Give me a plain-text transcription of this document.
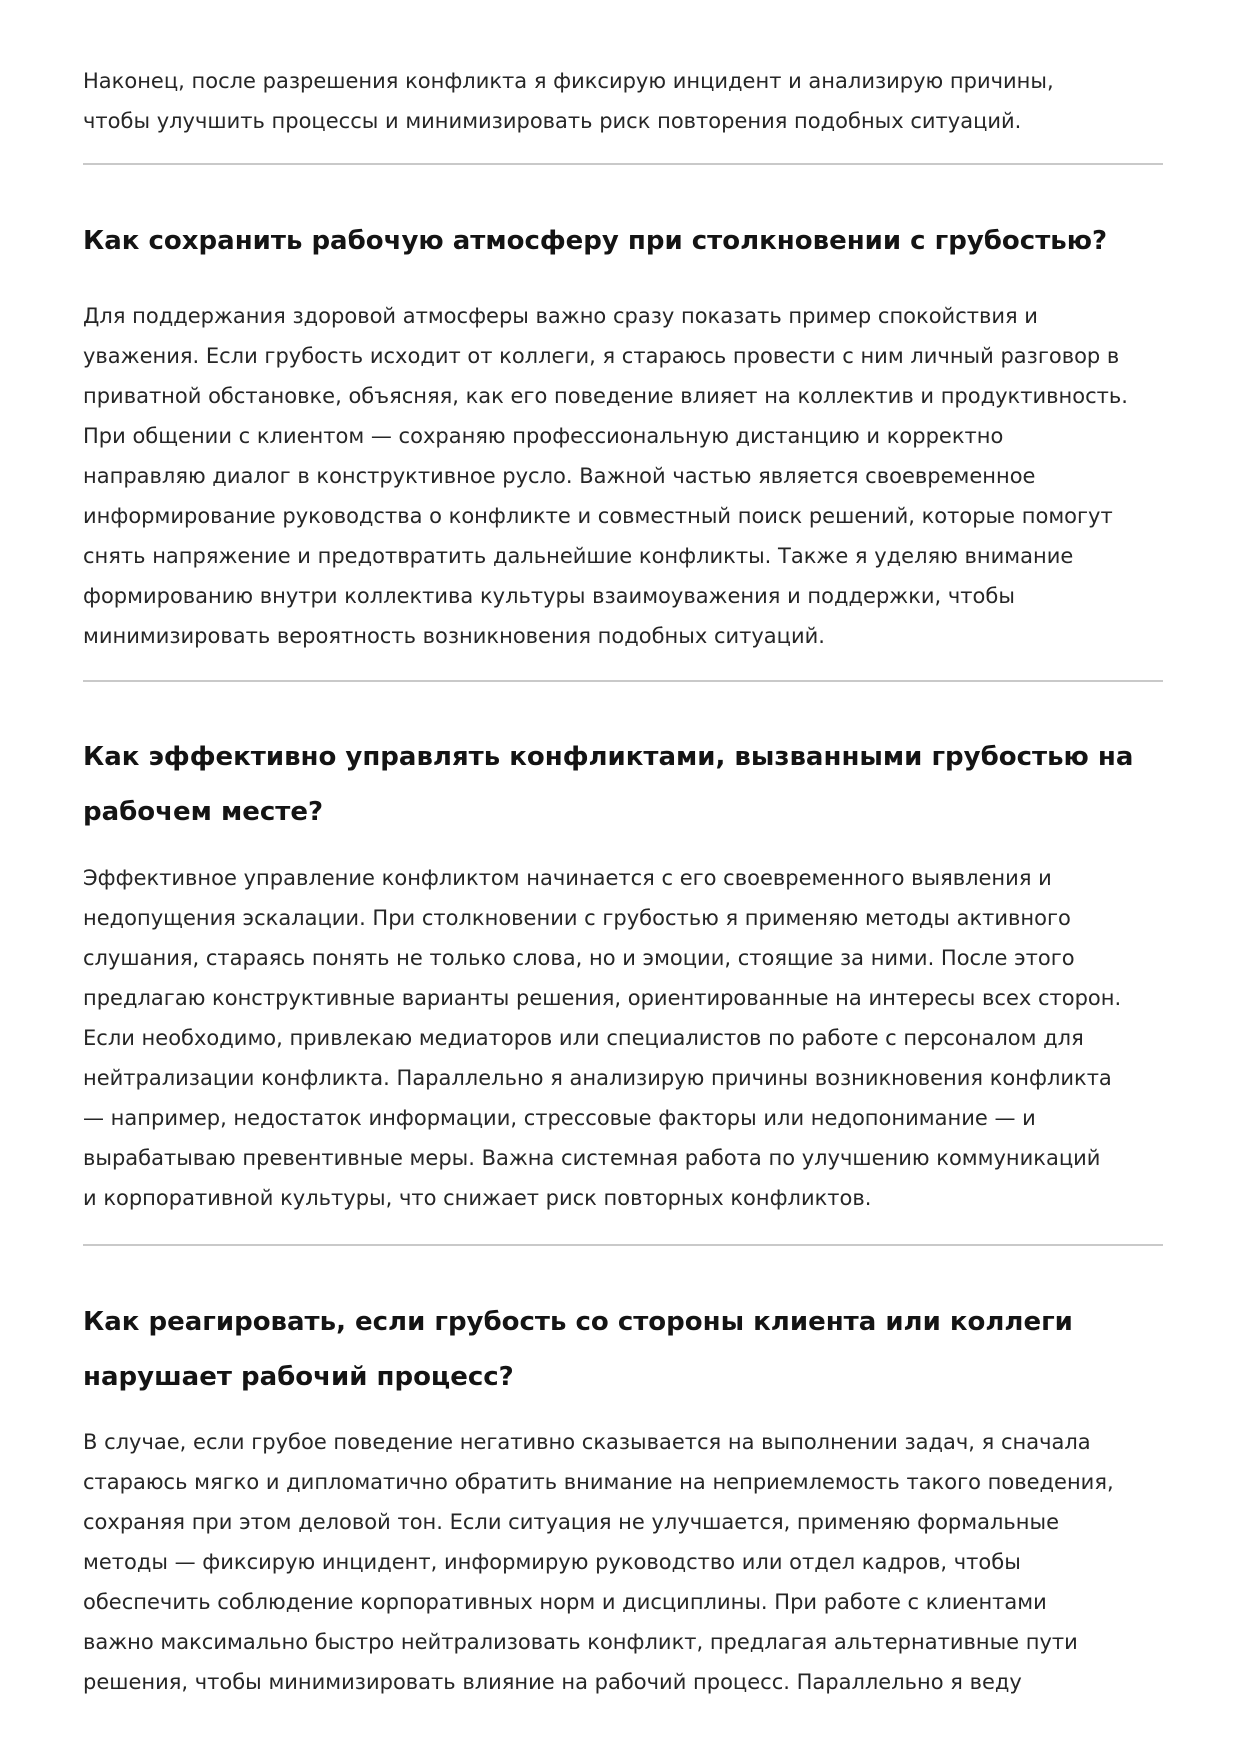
Наконец, после разрешения конфликта я фиксирую инцидент и анализирую причины,
чтобы улучшить процессы и минимизировать риск повторения подобных ситуаций.

Как сохранить рабочую атмосферу при столкновении с грубостью?

Для поддержания здоровой атмосферы важно сразу показать пример спокойствия и
уважения. Если грубость исходит от коллеги, я стараюсь провести с ним личный разговор в
приватной обстановке, объясняя, как его поведение влияет на коллектив и продуктивность.
При общении с клиентом — сохраняю профессиональную дистанцию и корректно
направляю диалог в конструктивное русло. Важной частью является своевременное
информирование руководства о конфликте и совместный поиск решений, которые помогут
снять напряжение и предотвратить дальнейшие конфликты. Также я уделяю внимание
формированию внутри коллектива культуры взаимоуважения и поддержки, чтобы
минимизировать вероятность возникновения подобных ситуаций.

Как эффективно управлять конфликтами, вызванными грубостью на
рабочем месте?

Эффективное управление конфликтом начинается с его своевременного выявления и
недопущения эскалации. При столкновении с грубостью я применяю методы активного
слушания, стараясь понять не только слова, но и эмоции, стоящие за ними. После этого
предлагаю конструктивные варианты решения, ориентированные на интересы всех сторон.
Если необходимо, привлекаю медиаторов или специалистов по работе с персоналом для
нейтрализации конфликта. Параллельно я анализирую причины возникновения конфликта
— например, недостаток информации, стрессовые факторы или недопонимание — и
вырабатываю превентивные меры. Важна системная работа по улучшению коммуникаций
и корпоративной культуры, что снижает риск повторных конфликтов.

Как реагировать, если грубость со стороны клиента или коллеги
нарушает рабочий процесс?

В случае, если грубое поведение негативно сказывается на выполнении задач, я сначала
стараюсь мягко и дипломатично обратить внимание на неприемлемость такого поведения,
сохраняя при этом деловой тон. Если ситуация не улучшается, применяю формальные
методы — фиксирую инцидент, информирую руководство или отдел кадров, чтобы
обеспечить соблюдение корпоративных норм и дисциплины. При работе с клиентами
важно максимально быстро нейтрализовать конфликт, предлагая альтернативные пути
решения, чтобы минимизировать влияние на рабочий процесс. Параллельно я веду
